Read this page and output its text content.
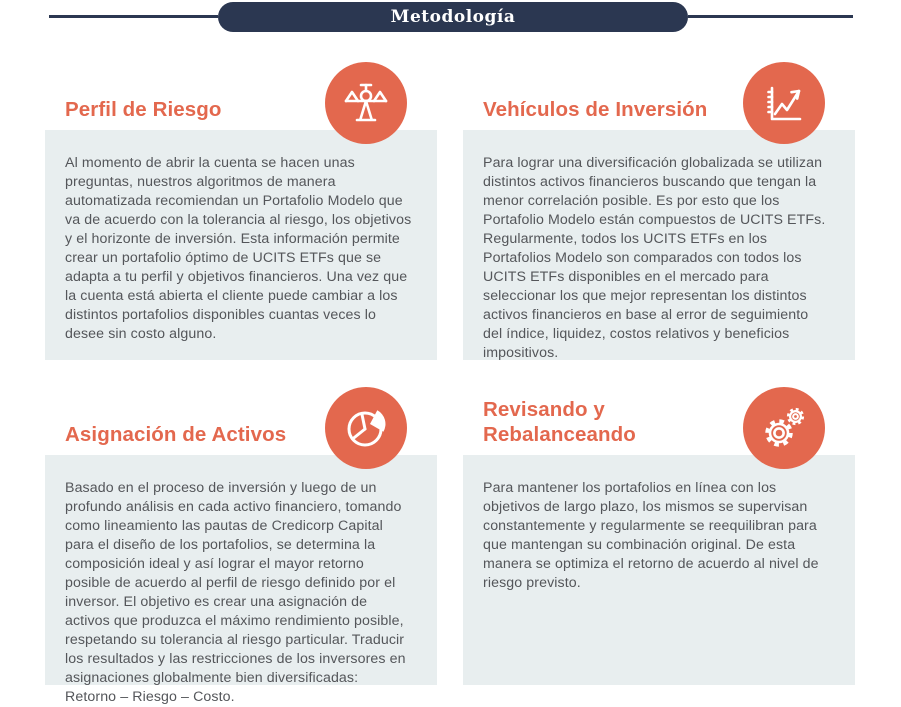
Metodología
Perfil de Riesgo

Al momento de abrir la cuenta se hacen unas preguntas, nuestros algoritmos de manera automatizada recomiendan un Portafolio Modelo que va de acuerdo con la tolerancia al riesgo, los objetivos y el horizonte de inversión. Esta información permite crear un portafolio óptimo de UCITS ETFs que se adapta a tu perfil y objetivos financieros. Una vez que la cuenta está abierta el cliente puede cambiar a los distintos portafolios disponibles cuantas veces lo desee sin costo alguno.

Vehículos de Inversión

Para lograr una diversificación globalizada se utilizan distintos activos financieros buscando que tengan la menor correlación posible. Es por esto que los Portafolio Modelo están compuestos de UCITS ETFs. Regularmente, todos los UCITS ETFs en los Portafolios Modelo son comparados con todos los UCITS ETFs disponibles en el mercado para seleccionar los que mejor representan los distintos activos financieros en base al error de seguimiento del índice, liquidez, costos relativos y beneficios impositivos.

Asignación de Activos

Basado en el proceso de inversión y luego de un profundo análisis en cada activo financiero, tomando como lineamiento las pautas de Credicorp Capital para el diseño de los portafolios, se determina la composición ideal y así lograr el mayor retorno posible de acuerdo al perfil de riesgo definido por el inversor. El objetivo es crear una asignación de activos que produzca el máximo rendimiento posible, respetando su tolerancia al riesgo particular. Traducir los resultados y las restricciones de los inversores en asignaciones globalmente bien diversificadas: Retorno – Riesgo – Costo.

Revisando y Rebalanceando

Para mantener los portafolios en línea con los objetivos de largo plazo, los mismos se supervisan constantemente y regularmente se reequilibran para que mantengan su combinación original. De esta manera se optimiza el retorno de acuerdo al nivel de riesgo previsto.
